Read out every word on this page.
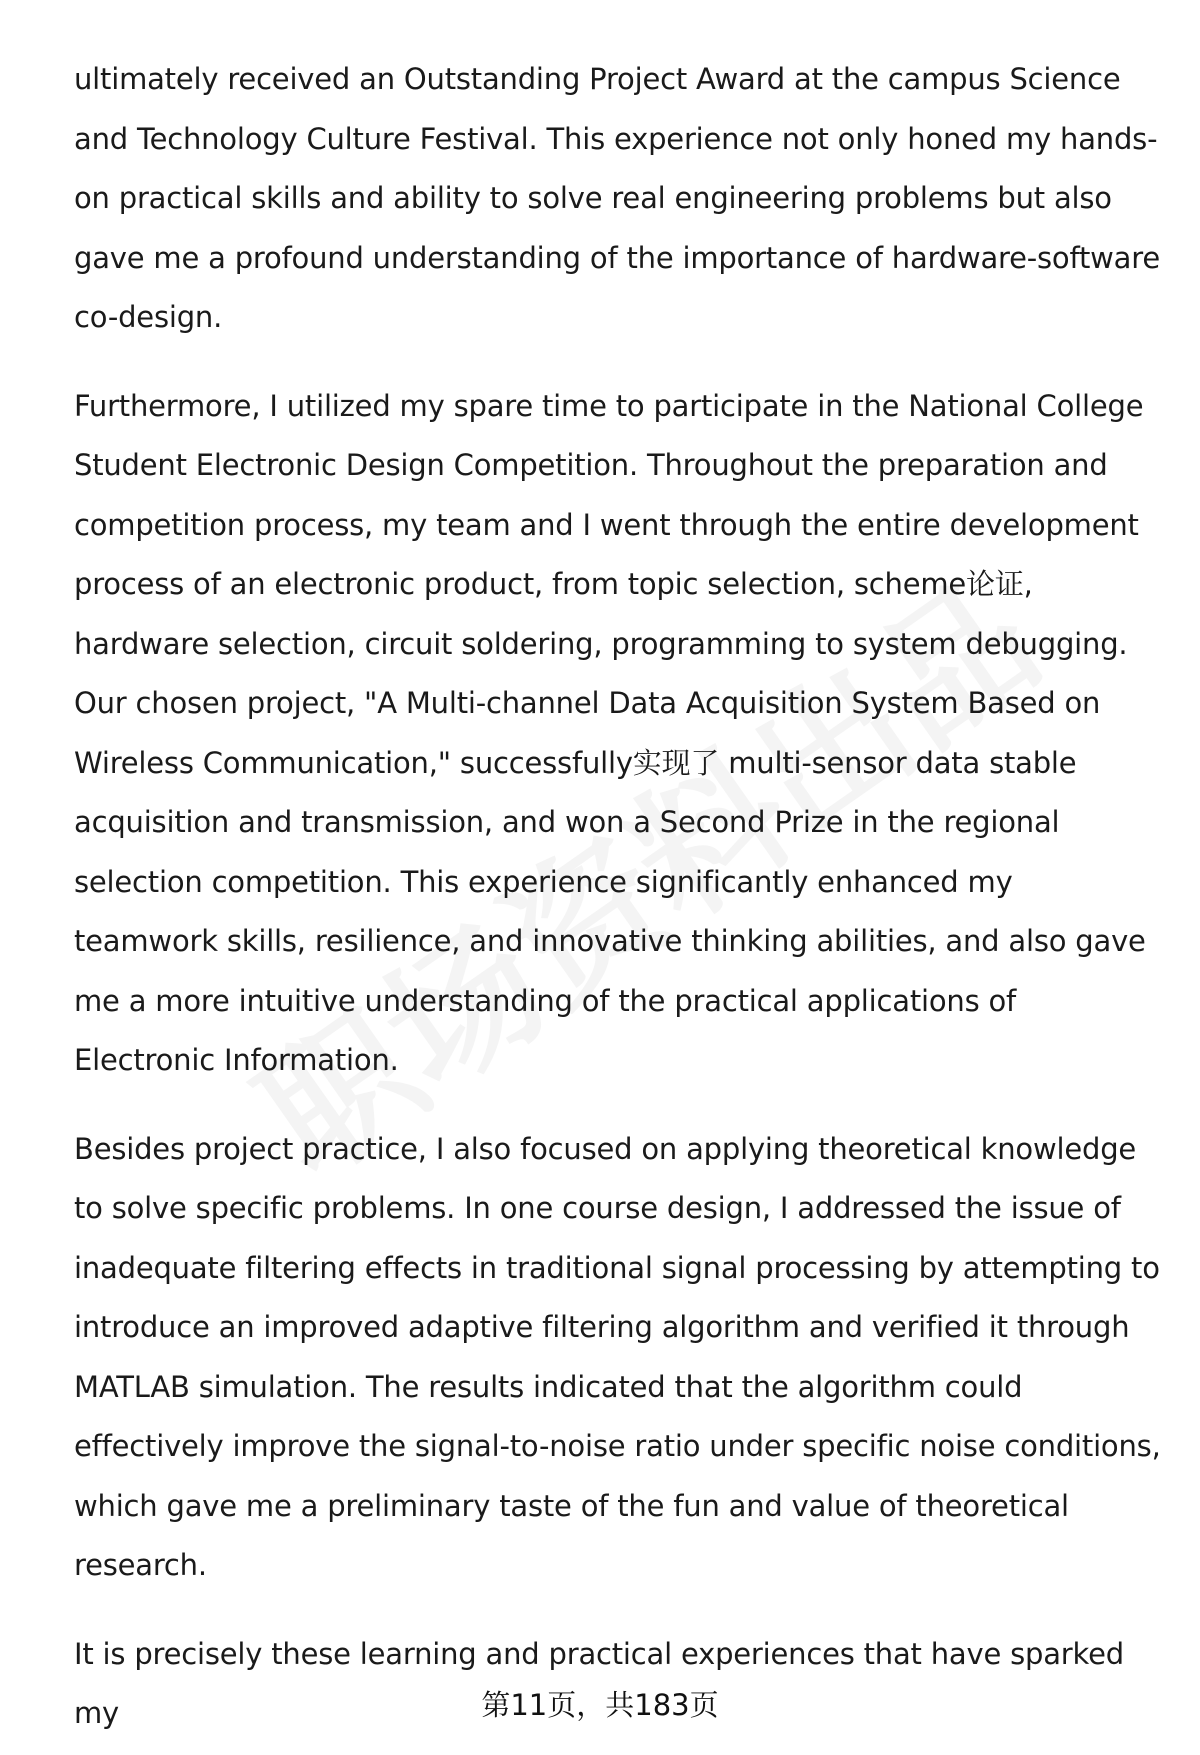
ultimately received an Outstanding Project Award at the campus Science and Technology Culture Festival. This experience not only honed my hands-on practical skills and ability to solve real engineering problems but also gave me a profound understanding of the importance of hardware-software co-design.

Furthermore, I utilized my spare time to participate in the National College Student Electronic Design Competition. Throughout the preparation and competition process, my team and I went through the entire development process of an electronic product, from topic selection, scheme论证, hardware selection, circuit soldering, programming to system debugging. Our chosen project, "A Multi-channel Data Acquisition System Based on Wireless Communication," successfully实现了 multi-sensor data stable acquisition and transmission, and won a Second Prize in the regional selection competition. This experience significantly enhanced my teamwork skills, resilience, and innovative thinking abilities, and also gave me a more intuitive understanding of the practical applications of Electronic Information.

Besides project practice, I also focused on applying theoretical knowledge to solve specific problems. In one course design, I addressed the issue of inadequate filtering effects in traditional signal processing by attempting to introduce an improved adaptive filtering algorithm and verified it through MATLAB simulation. The results indicated that the algorithm could effectively improve the signal-to-noise ratio under specific noise conditions, which gave me a preliminary taste of the fun and value of theoretical research.

It is precisely these learning and practical experiences that have sparked my	第11页，共183页
